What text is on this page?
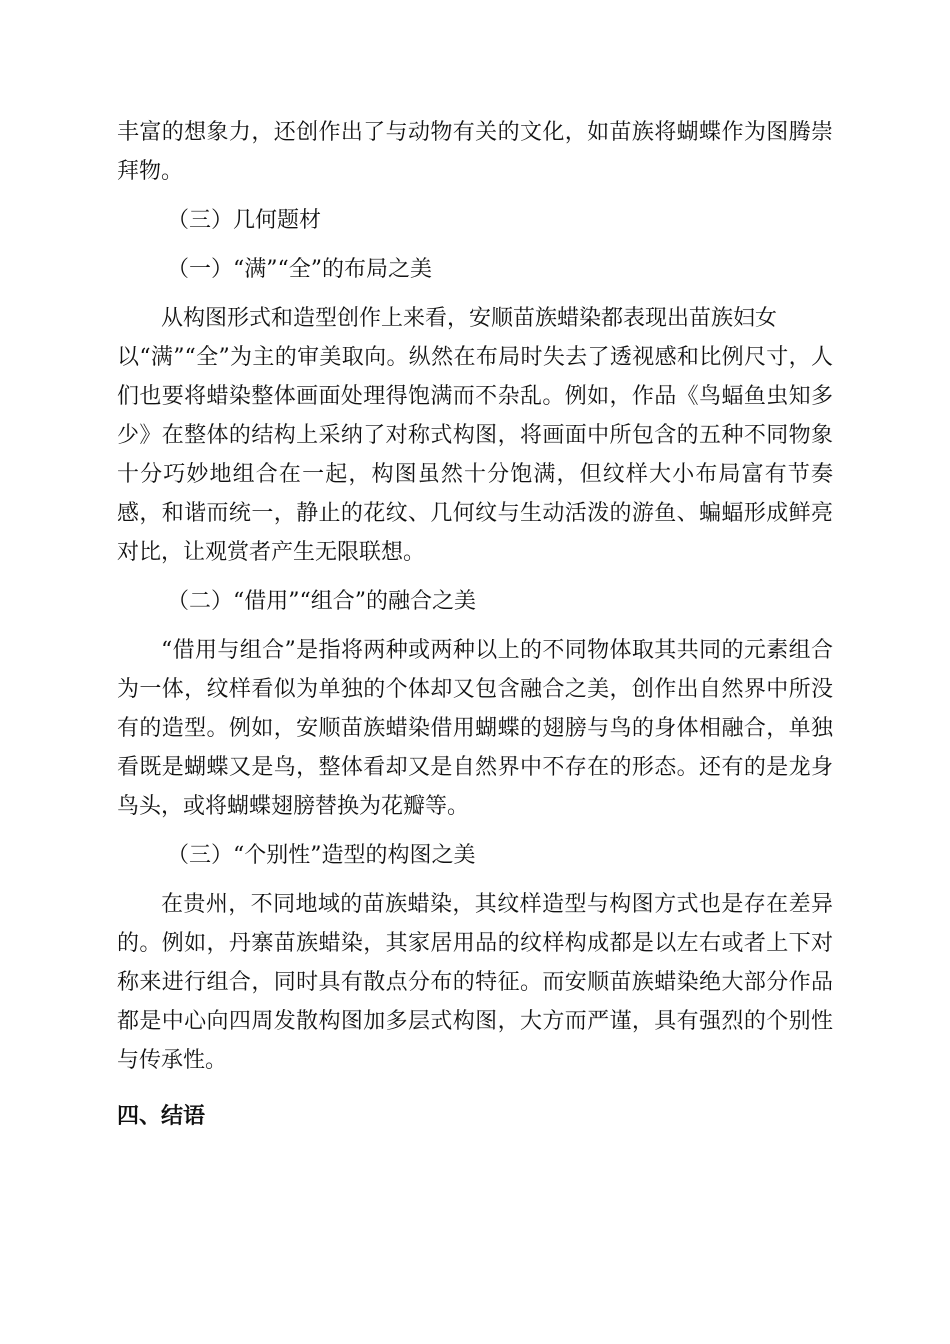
丰富的想象力，还创作出了与动物有关的文化，如苗族将蝴蝶作为图腾崇拜物。

（三）几何题材

（一）“满”“全”的布局之美

从构图形式和造型创作上来看，安顺苗族蜡染都表现出苗族妇女

以“满”“全”为主的审美取向。纵然在布局时失去了透视感和比例尺寸，人们也要将蜡染整体画面处理得饱满而不杂乱。例如，作品《鸟蝠鱼虫知多少》在整体的结构上采纳了对称式构图，将画面中所包含的五种不同物象十分巧妙地组合在一起，构图虽然十分饱满，但纹样大小布局富有节奏感，和谐而统一，静止的花纹、几何纹与生动活泼的游鱼、蝙蝠形成鲜亮对比，让观赏者产生无限联想。

（二）“借用”“组合”的融合之美

“借用与组合”是指将两种或两种以上的不同物体取其共同的元素组合为一体，纹样看似为单独的个体却又包含融合之美，创作出自然界中所没有的造型。例如，安顺苗族蜡染借用蝴蝶的翅膀与鸟的身体相融合，单独看既是蝴蝶又是鸟，整体看却又是自然界中不存在的形态。还有的是龙身鸟头，或将蝴蝶翅膀替换为花瓣等。

（三）“个别性”造型的构图之美

在贵州，不同地域的苗族蜡染，其纹样造型与构图方式也是存在差异的。例如，丹寨苗族蜡染，其家居用品的纹样构成都是以左右或者上下对称来进行组合，同时具有散点分布的特征。而安顺苗族蜡染绝大部分作品都是中心向四周发散构图加多层式构图，大方而严谨，具有强烈的个别性与传承性。

四、结语
